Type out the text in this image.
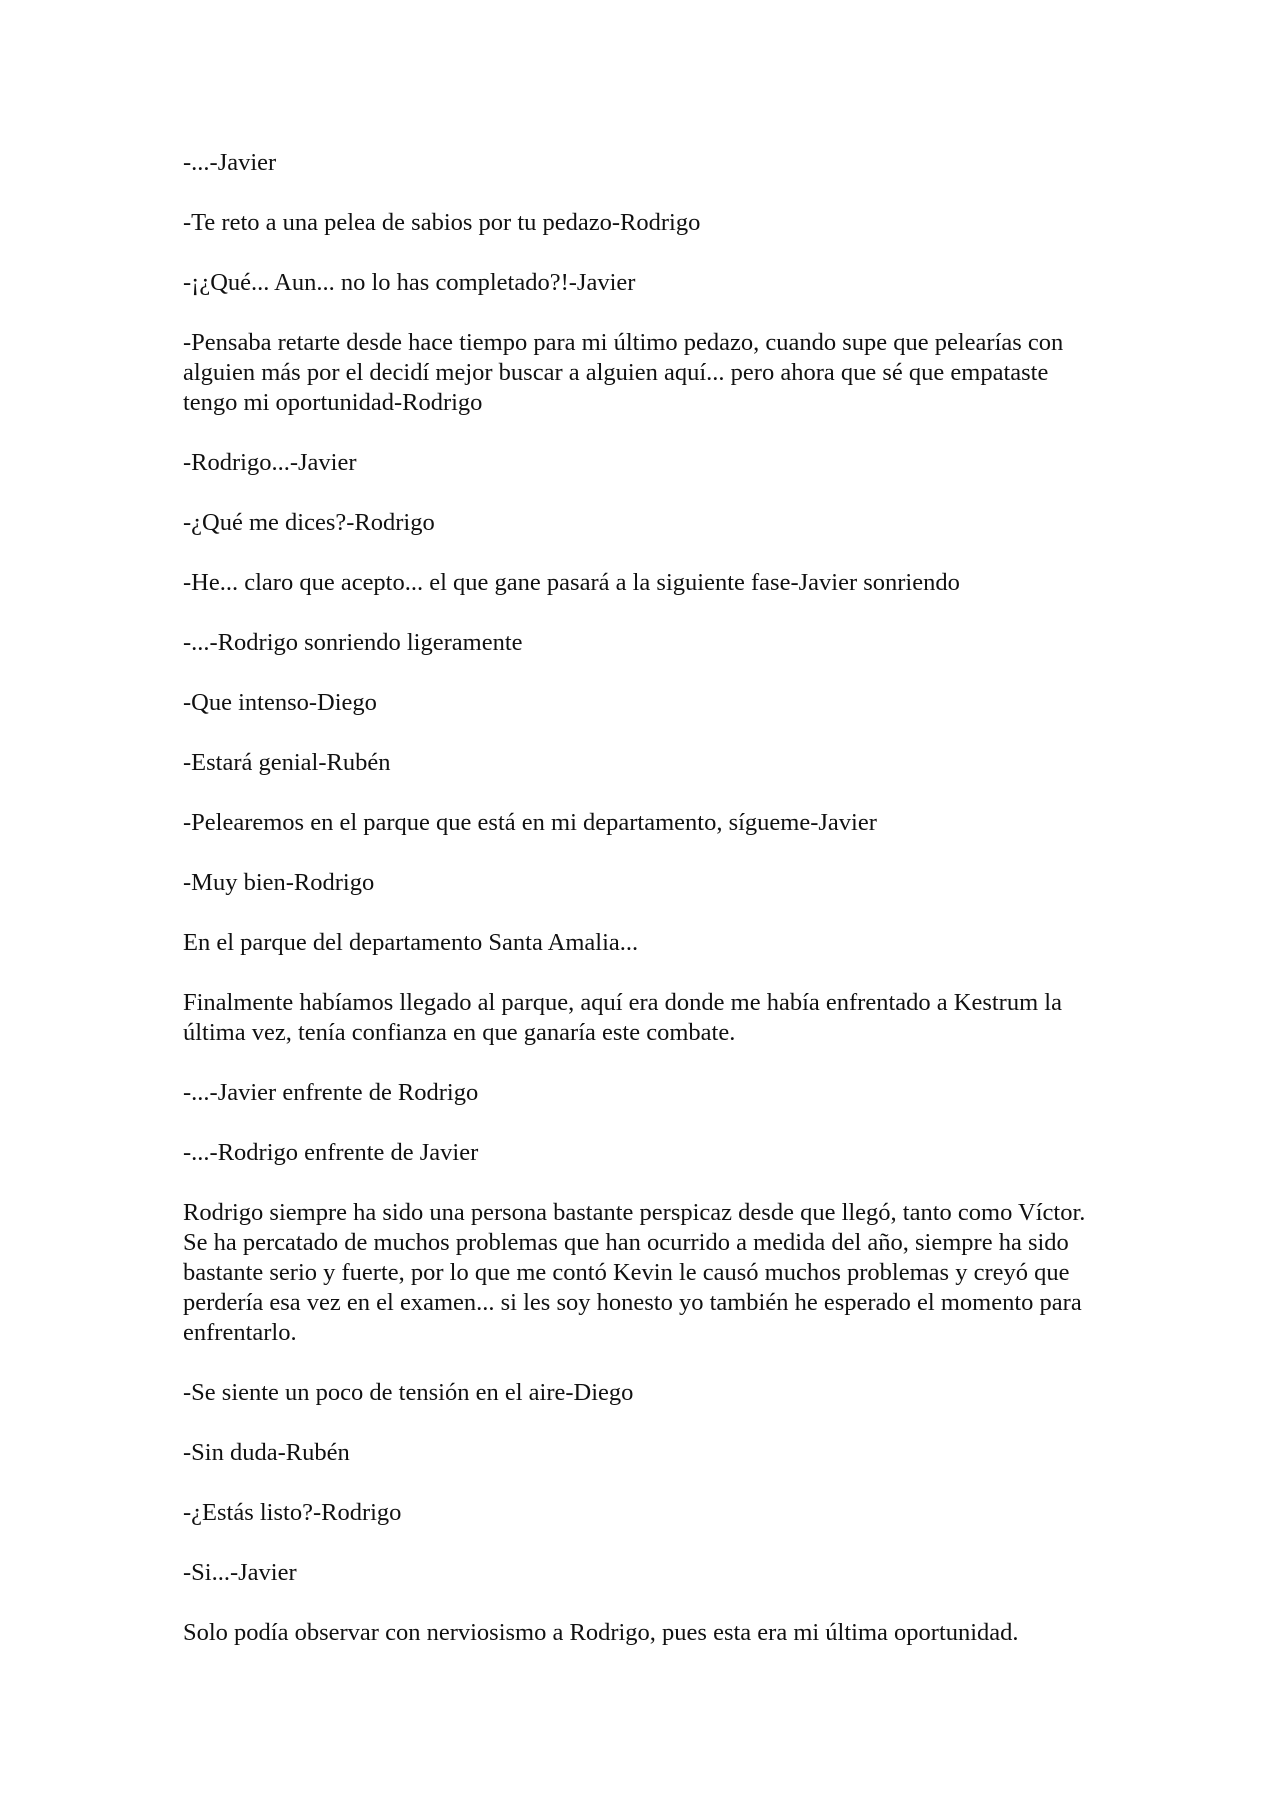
-...-Javier

-Te reto a una pelea de sabios por tu pedazo-Rodrigo

-¡¿Qué... Aun... no lo has completado?!-Javier

-Pensaba retarte desde hace tiempo para mi último pedazo, cuando supe que pelearías con alguien más por el decidí mejor buscar a alguien aquí... pero ahora que sé que empataste tengo mi oportunidad-Rodrigo

-Rodrigo...-Javier

-¿Qué me dices?-Rodrigo

-He... claro que acepto... el que gane pasará a la siguiente fase-Javier sonriendo

-...-Rodrigo sonriendo ligeramente

-Que intenso-Diego

-Estará genial-Rubén

-Pelearemos en el parque que está en mi departamento, sígueme-Javier

-Muy bien-Rodrigo

En el parque del departamento Santa Amalia...

Finalmente habíamos llegado al parque, aquí era donde me había enfrentado a Kestrum la última vez, tenía confianza en que ganaría este combate.

-...-Javier enfrente de Rodrigo

-...-Rodrigo enfrente de Javier

Rodrigo siempre ha sido una persona bastante perspicaz desde que llegó, tanto como Víctor. Se ha percatado de muchos problemas que han ocurrido a medida del año, siempre ha sido bastante serio y fuerte, por lo que me contó Kevin le causó muchos problemas y creyó que perdería esa vez en el examen... si les soy honesto yo también he esperado el momento para enfrentarlo.

-Se siente un poco de tensión en el aire-Diego

-Sin duda-Rubén

-¿Estás listo?-Rodrigo

-Si...-Javier

Solo podía observar con nerviosismo a Rodrigo, pues esta era mi última oportunidad.
